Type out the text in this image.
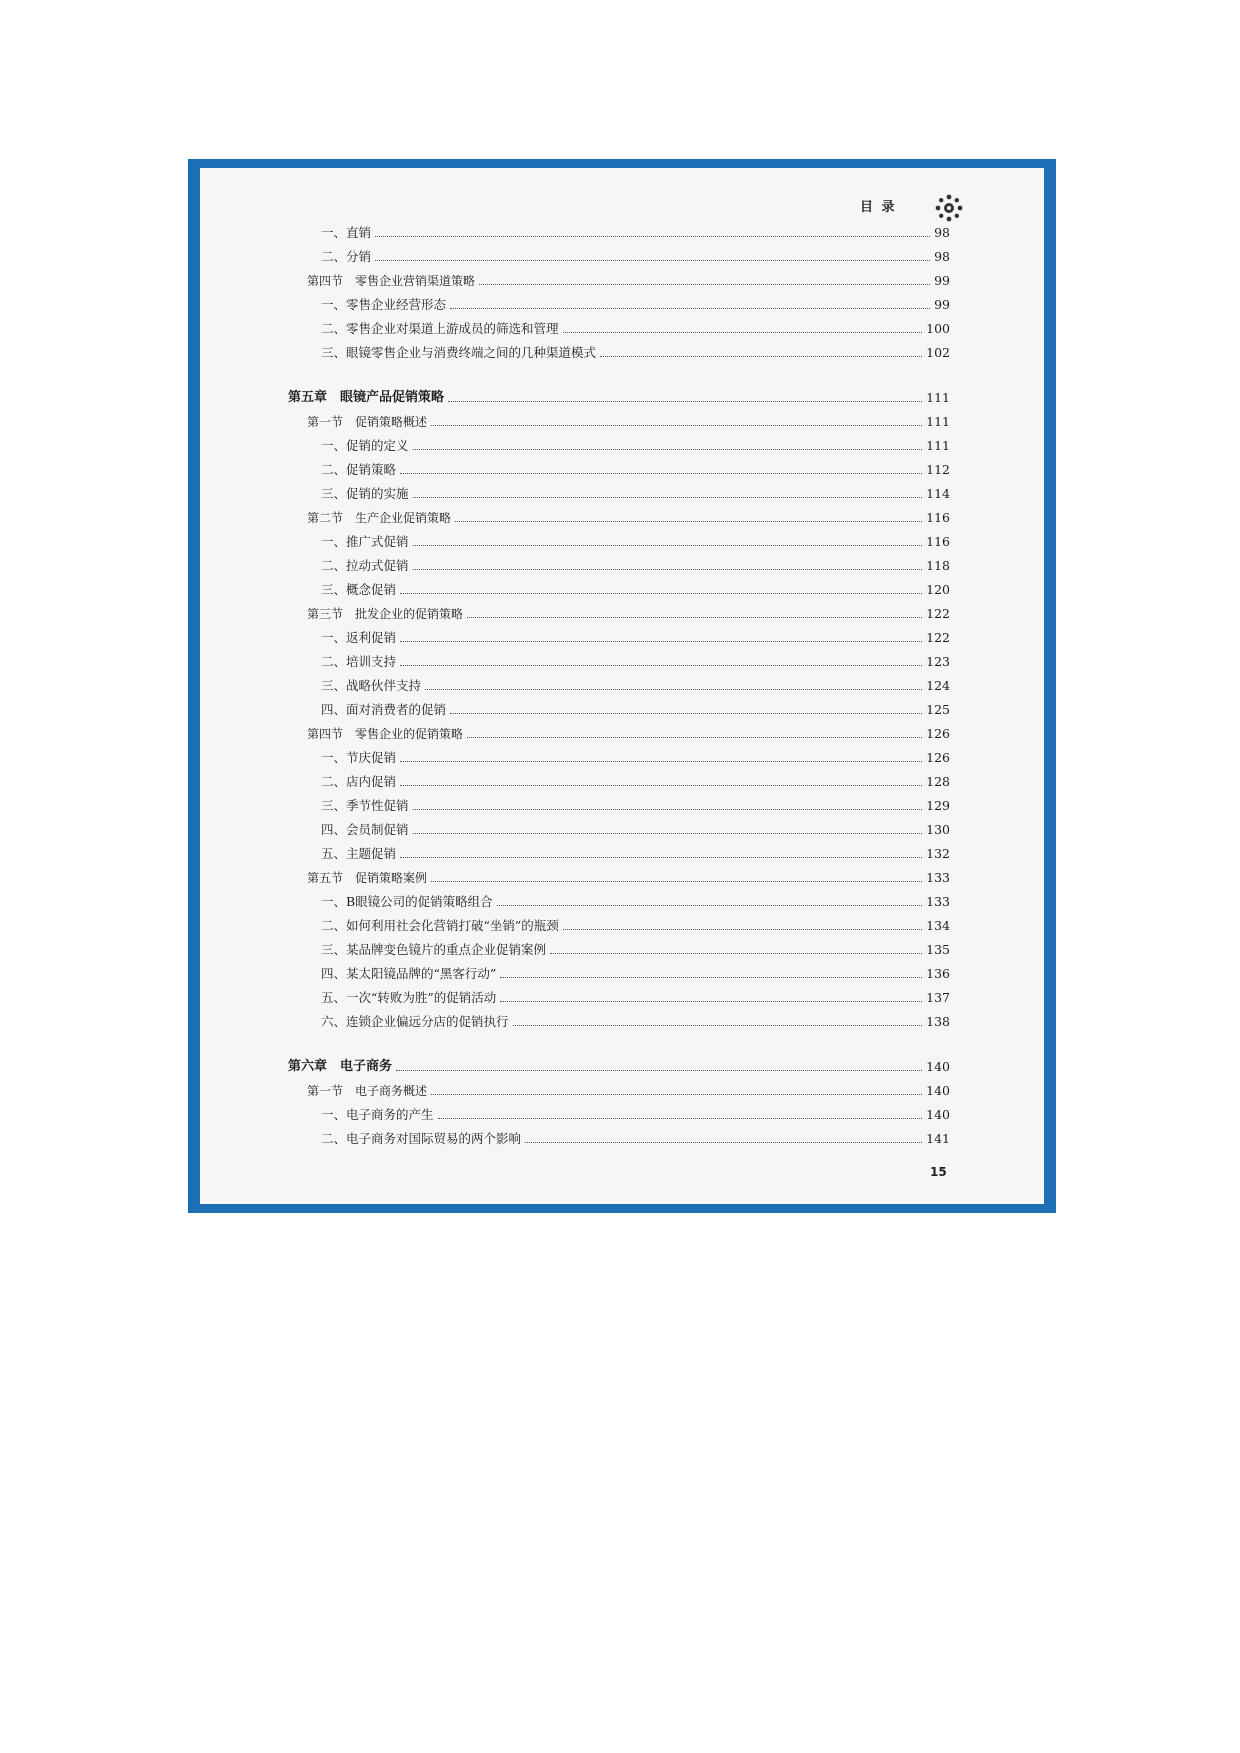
目 录
一、直销	98
二、分销	98
第四节　零售企业营销渠道策略	99
一、零售企业经营形态	99
二、零售企业对渠道上游成员的筛选和管理	100
三、眼镜零售企业与消费终端之间的几种渠道模式	102
第五章　眼镜产品促销策略	111
第一节　促销策略概述	111
一、促销的定义	111
二、促销策略	112
三、促销的实施	114
第二节　生产企业促销策略	116
一、推广式促销	116
二、拉动式促销	118
三、概念促销	120
第三节　批发企业的促销策略	122
一、返利促销	122
二、培训支持	123
三、战略伙伴支持	124
四、面对消费者的促销	125
第四节　零售企业的促销策略	126
一、节庆促销	126
二、店内促销	128
三、季节性促销	129
四、会员制促销	130
五、主题促销	132
第五节　促销策略案例	133
一、B眼镜公司的促销策略组合	133
二、如何利用社会化营销打破“坐销”的瓶颈	134
三、某品牌变色镜片的重点企业促销案例	135
四、某太阳镜品牌的“黑客行动”	136
五、一次“转败为胜”的促销活动	137
六、连锁企业偏远分店的促销执行	138
第六章　电子商务	140
第一节　电子商务概述	140
一、电子商务的产生	140
二、电子商务对国际贸易的两个影响	141
15
